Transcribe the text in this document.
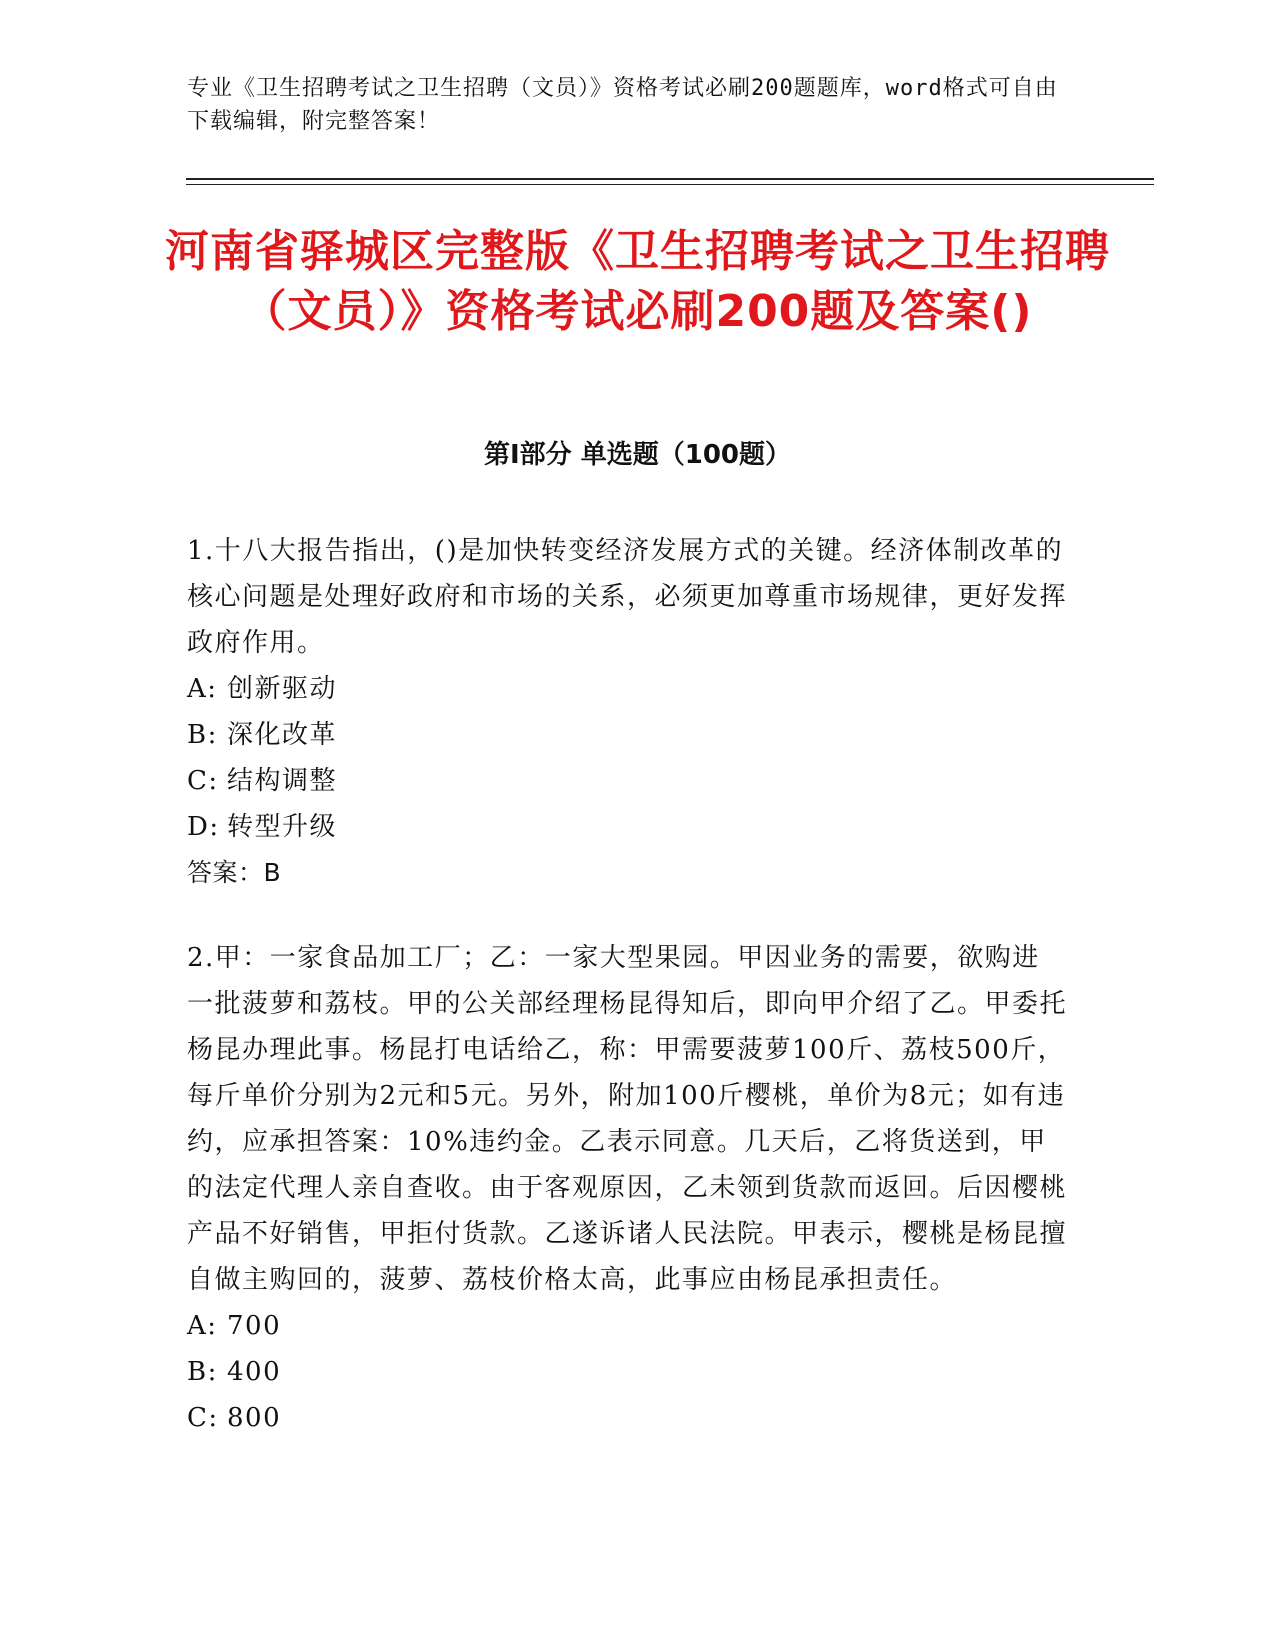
专业《卫生招聘考试之卫生招聘（文员）》资格考试必刷200题题库，word格式可自由下载编辑，附完整答案！
河南省驿城区完整版《卫生招聘考试之卫生招聘（文员）》资格考试必刷200题及答案()
第I部分 单选题（100题）

1.十八大报告指出，()是加快转变经济发展方式的关键。经济体制改革的核心问题是处理好政府和市场的关系，必须更加尊重市场规律，更好发挥政府作用。

A: 创新驱动

B: 深化改革

C: 结构调整

D: 转型升级

答案：B

2.甲：一家食品加工厂；乙：一家大型果园。甲因业务的需要，欲购进一批菠萝和荔枝。甲的公关部经理杨昆得知后，即向甲介绍了乙。甲委托杨昆办理此事。杨昆打电话给乙，称：甲需要菠萝100斤、荔枝500斤，每斤单价分别为2元和5元。另外，附加100斤樱桃，单价为8元；如有违约，应承担答案：10%违约金。乙表示同意。几天后，乙将货送到，甲的法定代理人亲自查收。由于客观原因，乙未领到货款而返回。后因樱桃产品不好销售，甲拒付货款。乙遂诉诸人民法院。甲表示，樱桃是杨昆擅自做主购回的，菠萝、荔枝价格太高，此事应由杨昆承担责任。

A: 700

B: 400

C: 800
